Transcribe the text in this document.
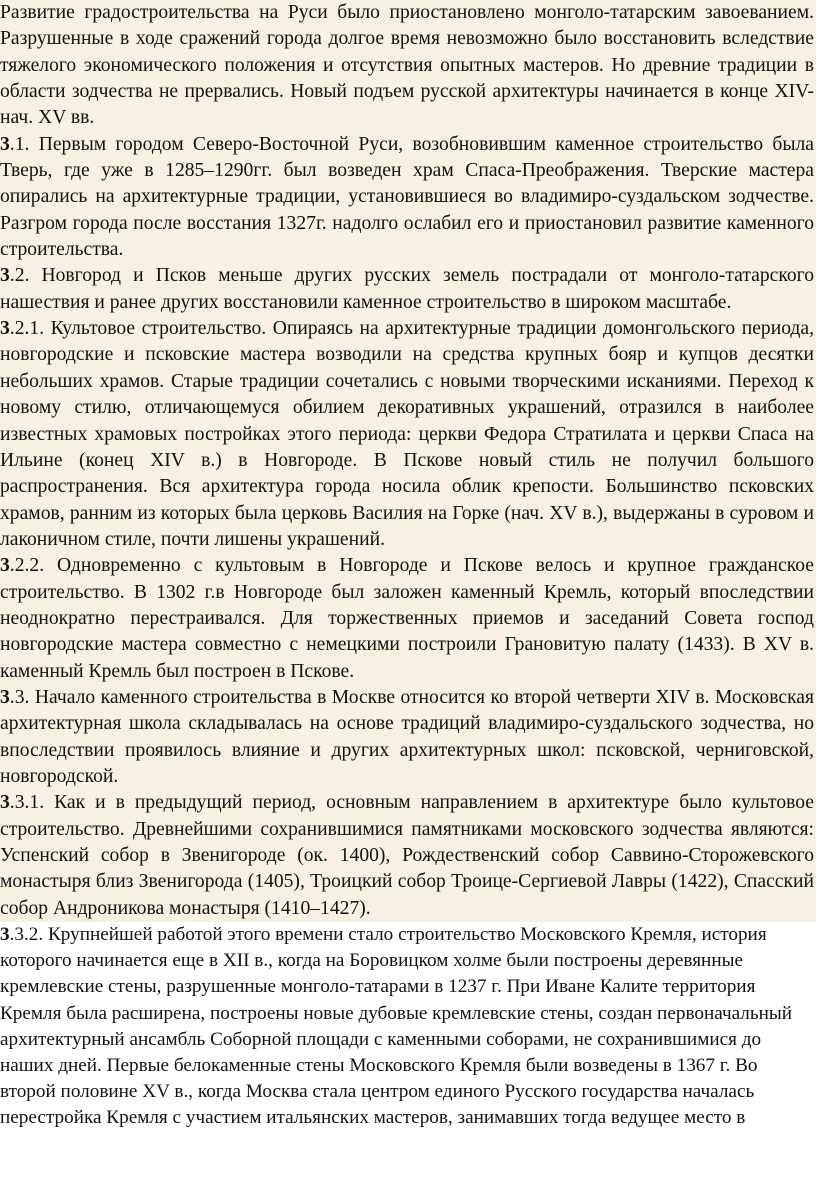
Развитие градостроительства на Руси было приостановлено монголо-татарским завоеванием. Разрушенные в ходе сражений города долгое время невозможно было восстановить вследствие тяжелого экономического положения и отсутствия опытных мастеров. Но древние традиции в области зодчества не прервались. Новый подъем русской архитектуры начинается в конце XIV-нач. XV вв.

3.1. Первым городом Северо-Восточной Руси, возобновившим каменное строительство была Тверь, где уже в 1285–1290гг. был возведен храм Спаса-Преображения. Тверские мастера опирались на архитектурные традиции, установившиеся во владимиро-суздальском зодчестве. Разгром города после восстания 1327г. надолго ослабил его и приостановил развитие каменного строительства.

3.2. Новгород и Псков меньше других русских земель пострадали от монголо-татарского нашествия и ранее других восстановили каменное строительство в широком масштабе.

3.2.1. Культовое строительство. Опираясь на архитектурные традиции домонгольского периода, новгородские и псковские мастера возводили на средства крупных бояр и купцов десятки небольших храмов. Старые традиции сочетались с новыми творческими исканиями. Переход к новому стилю, отличающемуся обилием декоративных украшений, отразился в наиболее известных храмовых постройках этого периода: церкви Федора Стратилата и церкви Спаса на Ильине (конец XIV в.) в Новгороде. В Пскове новый стиль не получил большого распространения. Вся архитектура города носила облик крепости. Большинство псковских храмов, ранним из которых была церковь Василия на Горке (нач. XV в.), выдержаны в суровом и лаконичном стиле, почти лишены украшений.

3.2.2. Одновременно с культовым в Новгороде и Пскове велось и крупное гражданское строительство. В 1302 г.в Новгороде был заложен каменный Кремль, который впоследствии неоднократно перестраивался. Для торжественных приемов и заседаний Совета господ новгородские мастера совместно с немецкими построили Грановитую палату (1433). В XV в. каменный Кремль был построен в Пскове.

3.3. Начало каменного строительства в Москве относится ко второй четверти XIV в. Московская архитектурная школа складывалась на основе традиций владимиро-суздальского зодчества, но впоследствии проявилось влияние и других архитектурных школ: псковской, черниговской, новгородской.

3.3.1. Как и в предыдущий период, основным направлением в архитектуре было культовое строительство. Древнейшими сохранившимися памятниками московского зодчества являются: Успенский собор в Звенигороде (ок. 1400), Рождественский собор Саввино-Сторожевского монастыря близ Звенигорода (1405), Троицкий собор Троице-Сергиевой Лавры (1422), Спасский собор Андроникова монастыря (1410–1427).

3.3.2. Крупнейшей работой этого времени стало строительство Московского Кремля, история которого начинается еще в XII в., когда на Боровицком холме были построены деревянные кремлевские стены, разрушенные монголо-татарами в 1237 г. При Иване Калите территория Кремля была расширена, построены новые дубовые кремлевские стены, создан первоначальный архитектурный ансамбль Соборной площади с каменными соборами, не сохранившимися до наших дней. Первые белокаменные стены Московского Кремля были возведены в 1367 г. Во второй половине XV в., когда Москва стала центром единого Русского государства началась перестройка Кремля с участием итальянских мастеров, занимавших тогда ведущее место в
